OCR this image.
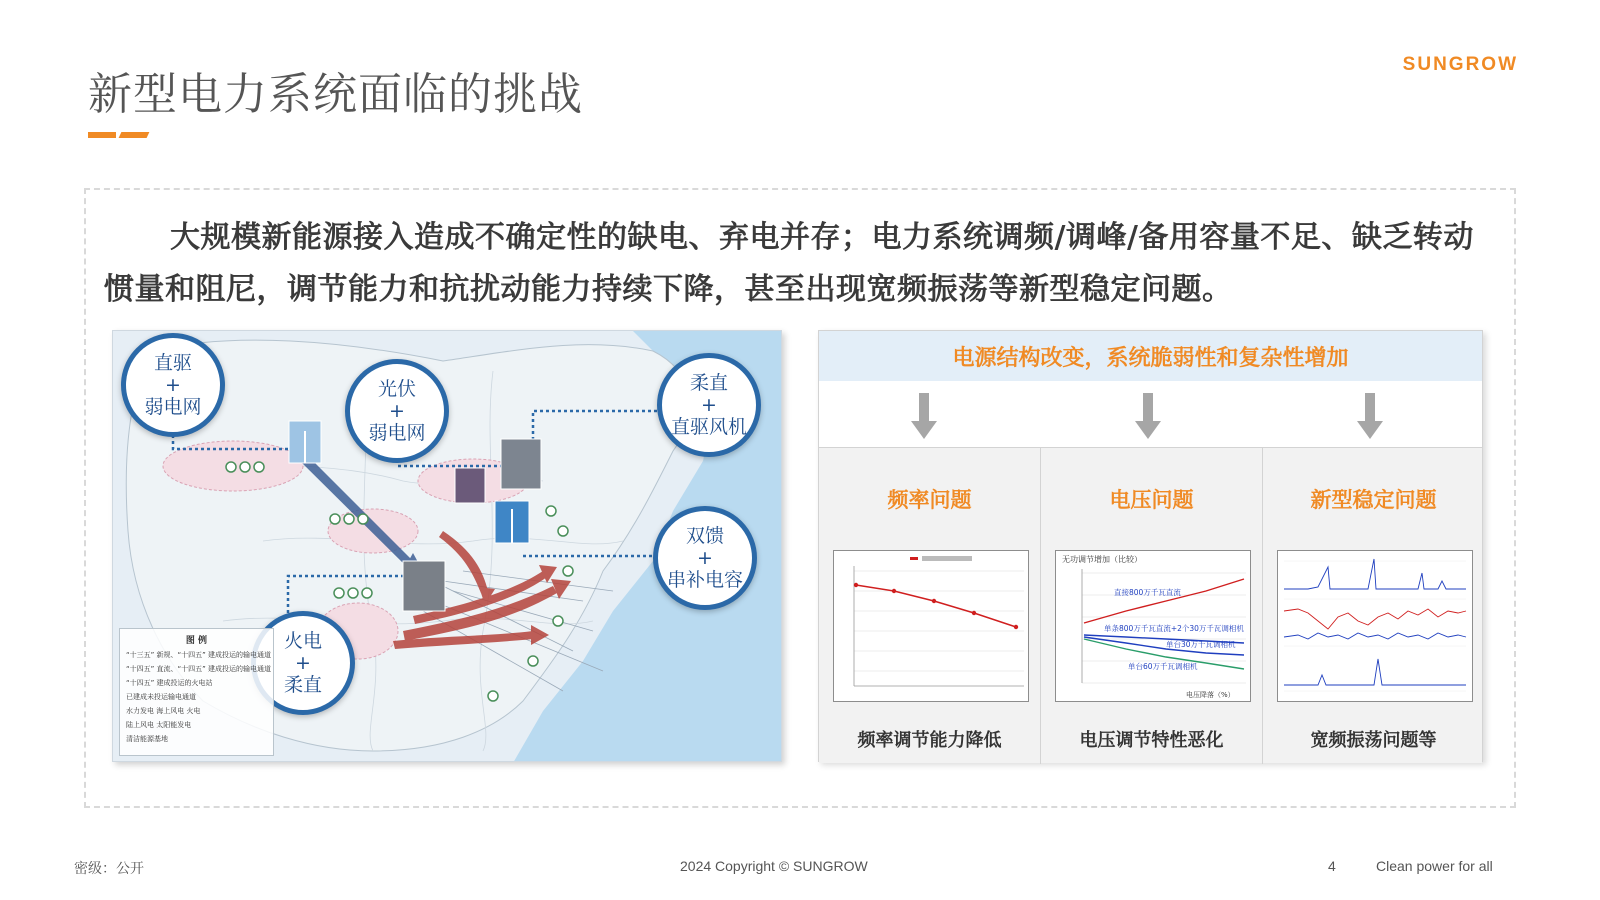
新型电力系统面临的挑战
SUNGROW
大规模新能源接入造成不确定性的缺电、弃电并存；电力系统调频/调峰/备用容量不足、缺乏转动惯量和阻尼，调节能力和抗扰动能力持续下降，甚至出现宽频振荡等新型稳定问题。
直驱
+
弱电网
光伏
+
弱电网
柔直
+
直驱风机
双馈
+
串补电容
火电
+
柔直
图 例
“十三五” 新规、“十四五” 建成投运的输电通道
“十四五” 直流、“十四五” 建成投运的输电通道
“十四五” 建成投运的火电站
已建成未投运输电通道
水力发电 海上风电 火电
陆上风电 太阳能发电
清洁能源基地
电源结构改变，系统脆弱性和复杂性增加
频率问题
频率调节能力降低
电压问题
无功调节增加（比较）
直接800万千瓦直流
单条800万千瓦直流+2个30万千瓦调相机
单台30万千瓦调相机
单台60万千瓦调相机
电压降落（%）
电压调节特性恶化
新型稳定问题
宽频振荡问题等
密级：公开	2024 Copyright © SUNGROW	4	Clean power for all
